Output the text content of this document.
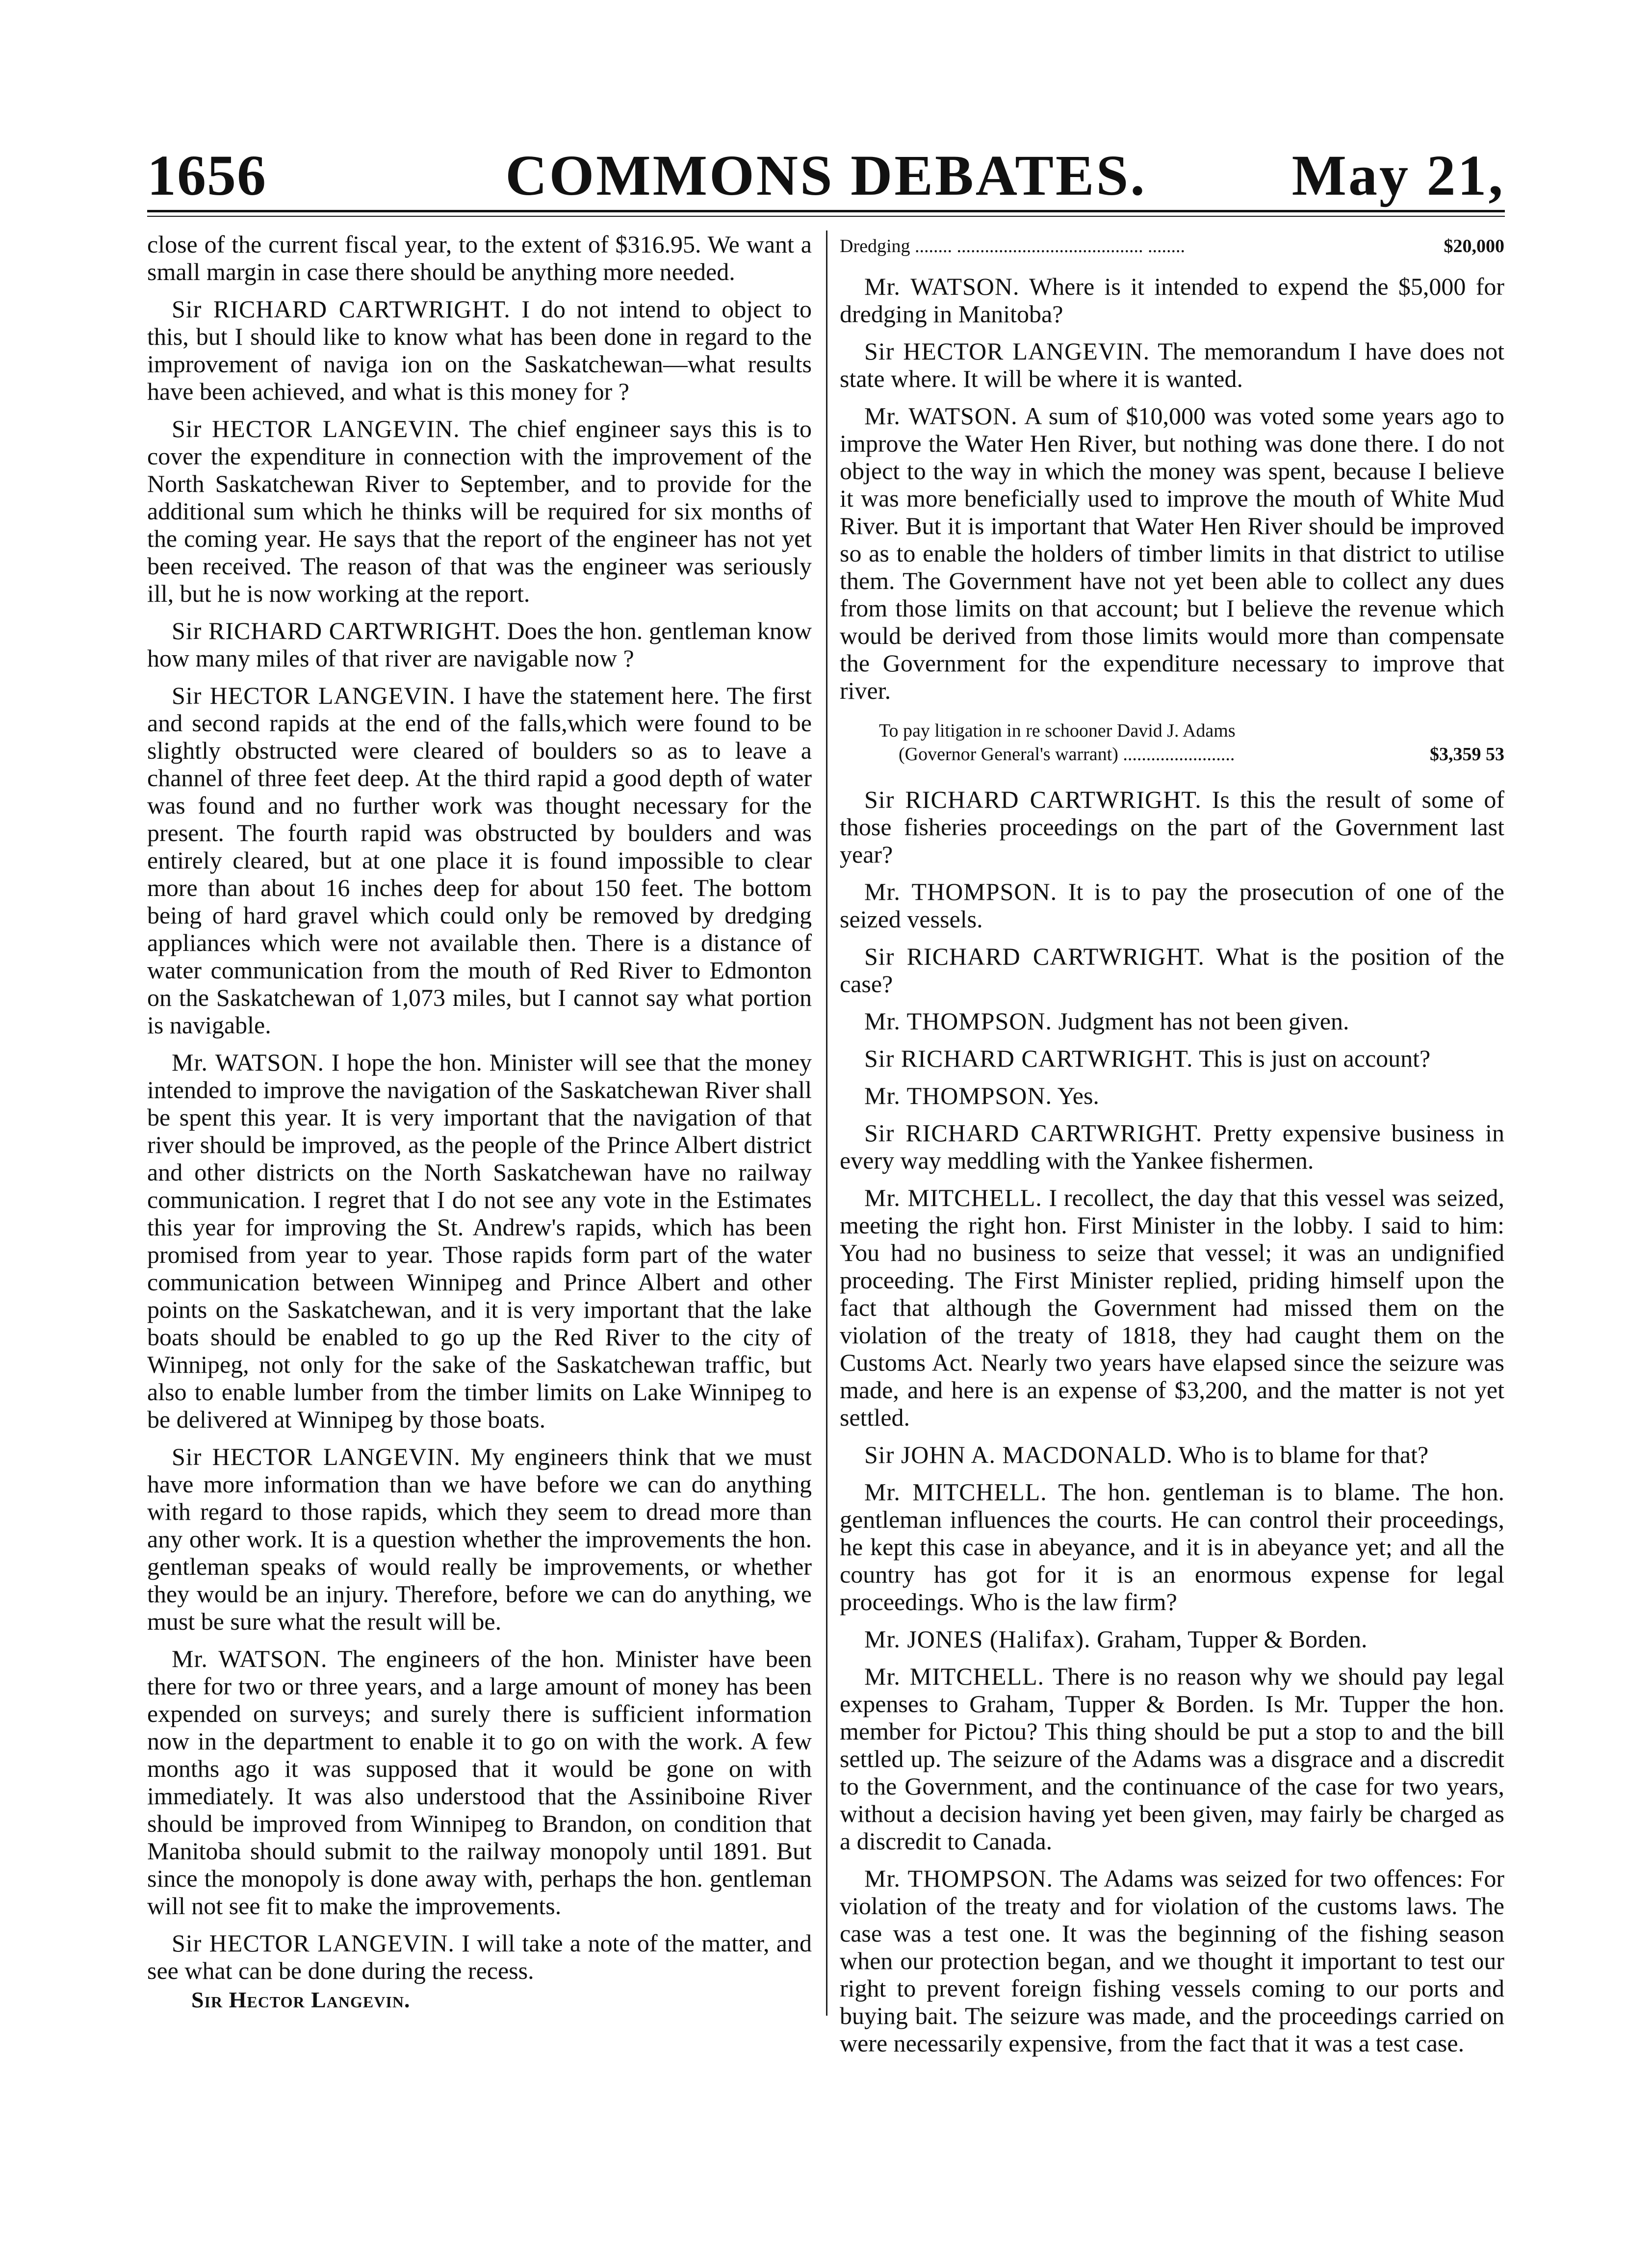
1656	COMMONS DEBATES.	May 21,

close of the current fiscal year, to the extent of $316.95. We want a small margin in case there should be anything more needed.

Sir RICHARD CARTWRIGHT. I do not intend to object to this, but I should like to know what has been done in regard to the improvement of naviga ion on the Saskatchewan—what results have been achieved, and what is this money for ?

Sir HECTOR LANGEVIN. The chief engineer says this is to cover the expenditure in connection with the improvement of the North Saskatchewan River to September, and to provide for the additional sum which he thinks will be required for six months of the coming year. He says that the report of the engineer has not yet been received. The reason of that was the engineer was seriously ill, but he is now working at the report.

Sir RICHARD CARTWRIGHT. Does the hon. gentleman know how many miles of that river are navigable now ?

Sir HECTOR LANGEVIN. I have the statement here. The first and second rapids at the end of the falls,which were found to be slightly obstructed were cleared of boulders so as to leave a channel of three feet deep. At the third rapid a good depth of water was found and no further work was thought necessary for the present. The fourth rapid was obstructed by boulders and was entirely cleared, but at one place it is found impossible to clear more than about 16 inches deep for about 150 feet. The bottom being of hard gravel which could only be removed by dredging appliances which were not available then. There is a distance of water communication from the mouth of Red River to Edmonton on the Saskatchewan of 1,073 miles, but I cannot say what portion is navigable.

Mr. WATSON. I hope the hon. Minister will see that the money intended to improve the navigation of the Saskatchewan River shall be spent this year. It is very important that the navigation of that river should be improved, as the people of the Prince Albert district and other districts on the North Saskatchewan have no railway communication. I regret that I do not see any vote in the Estimates this year for improving the St. Andrew's rapids, which has been promised from year to year. Those rapids form part of the water communication between Winnipeg and Prince Albert and other points on the Saskatchewan, and it is very important that the lake boats should be enabled to go up the Red River to the city of Winnipeg, not only for the sake of the Saskatchewan traffic, but also to enable lumber from the timber limits on Lake Winnipeg to be delivered at Winnipeg by those boats.

Sir HECTOR LANGEVIN. My engineers think that we must have more information than we have before we can do anything with regard to those rapids, which they seem to dread more than any other work. It is a question whether the improvements the hon. gentleman speaks of would really be improvements, or whether they would be an injury. Therefore, before we can do anything, we must be sure what the result will be.

Mr. WATSON. The engineers of the hon. Minister have been there for two or three years, and a large amount of money has been expended on surveys; and surely there is sufficient information now in the department to enable it to go on with the work. A few months ago it was supposed that it would be gone on with immediately. It was also understood that the Assiniboine River should be improved from Winnipeg to Brandon, on condition that Manitoba should submit to the railway monopoly until 1891. But since the monopoly is done away with, perhaps the hon. gentleman will not see fit to make the improvements.

Sir HECTOR LANGEVIN. I will take a note of the matter, and see what can be done during the recess.

Sir Hector Langevin.
Dredging ........ ........................................ ........	$20,000

Mr. WATSON. Where is it intended to expend the $5,000 for dredging in Manitoba?

Sir HECTOR LANGEVIN. The memorandum I have does not state where. It will be where it is wanted.

Mr. WATSON. A sum of $10,000 was voted some years ago to improve the Water Hen River, but nothing was done there. I do not object to the way in which the money was spent, because I believe it was more beneficially used to improve the mouth of White Mud River. But it is important that Water Hen River should be improved so as to enable the holders of timber limits in that district to utilise them. The Government have not yet been able to collect any dues from those limits on that account; but I believe the revenue which would be derived from those limits would more than compensate the Government for the expenditure necessary to improve that river.

To pay litigation in re schooner David J. Adams
(Governor General's warrant) ........................	$3,359 53

Sir RICHARD CARTWRIGHT. Is this the result of some of those fisheries proceedings on the part of the Government last year?

Mr. THOMPSON. It is to pay the prosecution of one of the seized vessels.

Sir RICHARD CARTWRIGHT. What is the position of the case?

Mr. THOMPSON. Judgment has not been given.

Sir RICHARD CARTWRIGHT. This is just on account?

Mr. THOMPSON. Yes.

Sir RICHARD CARTWRIGHT. Pretty expensive business in every way meddling with the Yankee fishermen.

Mr. MITCHELL. I recollect, the day that this vessel was seized, meeting the right hon. First Minister in the lobby. I said to him: You had no business to seize that vessel; it was an undignified proceeding. The First Minister replied, priding himself upon the fact that although the Government had missed them on the violation of the treaty of 1818, they had caught them on the Customs Act. Nearly two years have elapsed since the seizure was made, and here is an expense of $3,200, and the matter is not yet settled.

Sir JOHN A. MACDONALD. Who is to blame for that?

Mr. MITCHELL. The hon. gentleman is to blame. The hon. gentleman influences the courts. He can control their proceedings, he kept this case in abeyance, and it is in abeyance yet; and all the country has got for it is an enormous expense for legal proceedings. Who is the law firm?

Mr. JONES (Halifax). Graham, Tupper & Borden.

Mr. MITCHELL. There is no reason why we should pay legal expenses to Graham, Tupper & Borden. Is Mr. Tupper the hon. member for Pictou? This thing should be put a stop to and the bill settled up. The seizure of the Adams was a disgrace and a discredit to the Government, and the continuance of the case for two years, without a decision having yet been given, may fairly be charged as a discredit to Canada.

Mr. THOMPSON. The Adams was seized for two offences: For violation of the treaty and for violation of the customs laws. The case was a test one. It was the beginning of the fishing season when our protection began, and we thought it important to test our right to prevent foreign fishing vessels coming to our ports and buying bait. The seizure was made, and the proceedings carried on were necessarily expensive, from the fact that it was a test case.
